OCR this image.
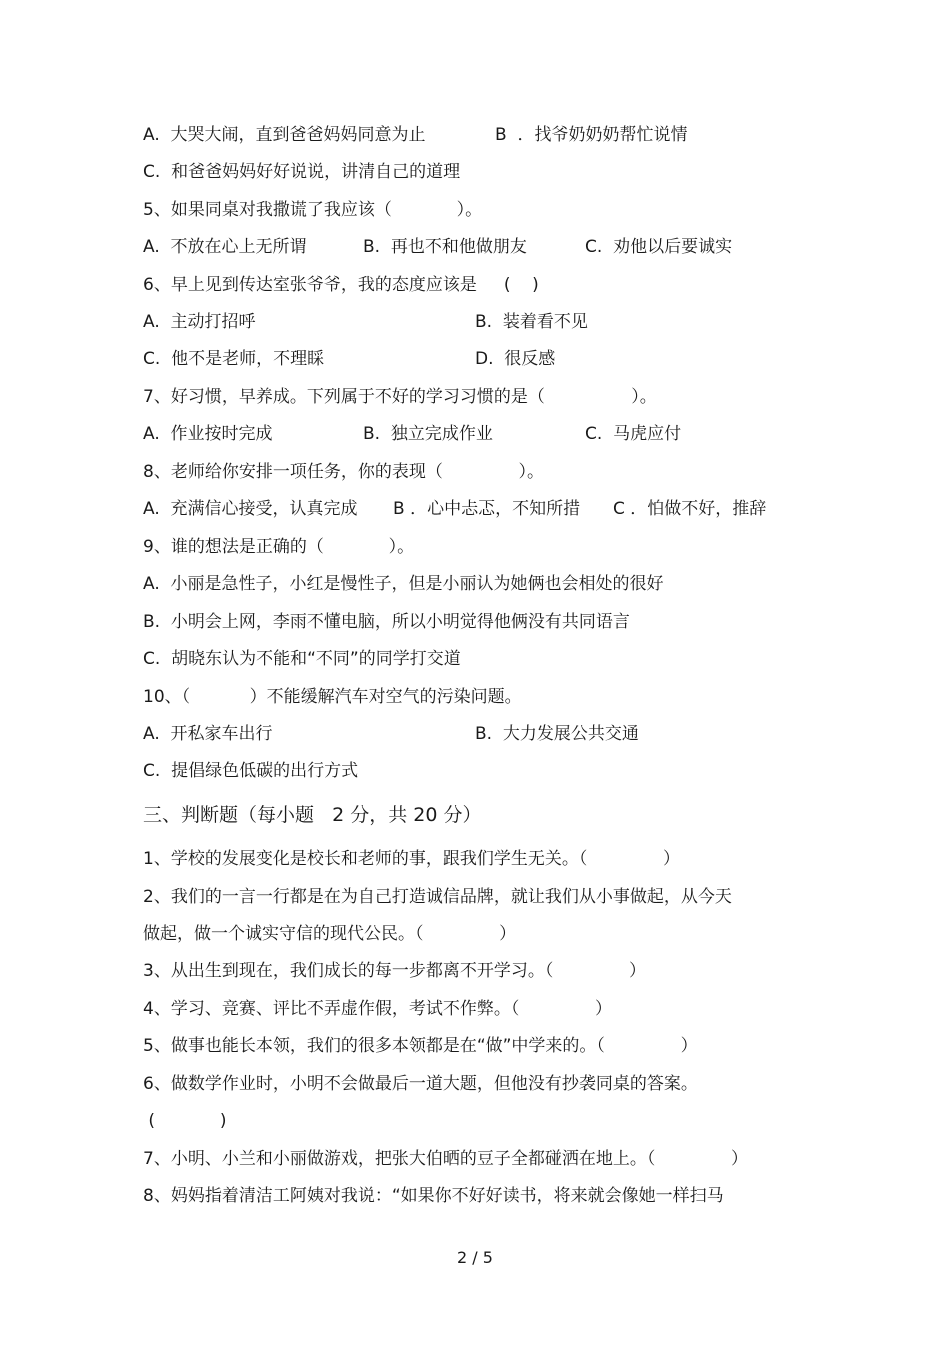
A.  大哭大闹，直到爸爸妈妈同意为止	B  ．找爷奶奶奶帮忙说情
C.  和爸爸妈妈好好说说，讲清自己的道理
5、如果同桌对我撒谎了我应该（            ）。
A.  不放在心上无所谓	B.  再也不和他做朋友	C.  劝他以后要诚实
6、早上见到传达室张爷爷，我的态度应该是     (    )
A.  主动打招呼	B.  装着看不见
C.  他不是老师，不理睬	D.  很反感
7、好习惯，早养成。下列属于不好的学习习惯的是（                ）。
A.  作业按时完成	B.  独立完成作业	C.  马虎应付
8、老师给你安排一项任务，你的表现（              ）。
A.  充满信心接受，认真完成 B ．心中忐忑，不知所措 C ．怕做不好，推辞
9、谁的想法是正确的（            ）。
A.  小丽是急性子，小红是慢性子，但是小丽认为她俩也会相处的很好
B.  小明会上网，李雨不懂电脑，所以小明觉得他俩没有共同语言
C.  胡晓东认为不能和“不同”的同学打交道
10、（           ）不能缓解汽车对空气的污染问题。
A.  开私家车出行	B.  大力发展公共交通
C.  提倡绿色低碳的出行方式
三、判断题（每小题   2 分，共 20 分）
1、学校的发展变化是校长和老师的事，跟我们学生无关。（              ）
2、我们的一言一行都是在为自己打造诚信品牌，就让我们从小事做起，从今天
做起，做一个诚实守信的现代公民。（              ）
3、从出生到现在，我们成长的每一步都离不开学习。（              ）
4、学习、竞赛、评比不弄虚作假，考试不作弊。（              ）
5、做事也能长本领，我们的很多本领都是在“做”中学来的。（              ）
6、做数学作业时，小明不会做最后一道大题，但他没有抄袭同桌的答案。
(            )
7、小明、小兰和小丽做游戏，把张大伯晒的豆子全都碰洒在地上。（              ）
8、妈妈指着清洁工阿姨对我说：“如果你不好好读书，将来就会像她一样扫马
2 / 5
